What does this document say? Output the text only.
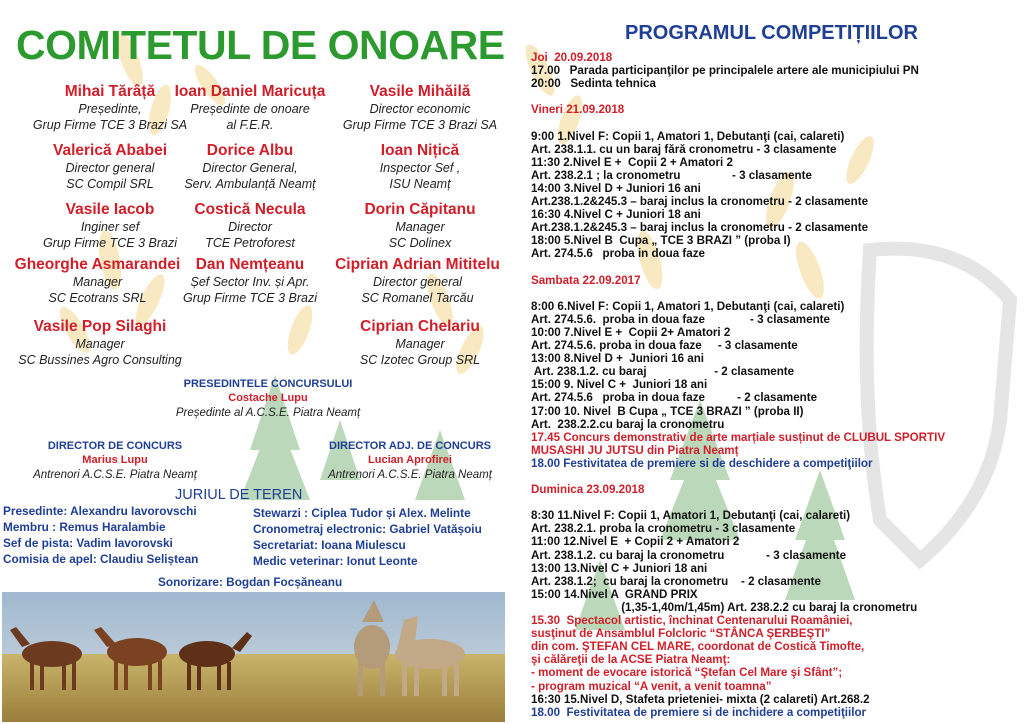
COMITETUL DE ONOARE
Mihai Tărâță
Președinte,
Grup Firme TCE 3 Brazi SA
Ioan Daniel Maricuța
Președinte de onoare
al F.E.R.
Vasile Mihăilă
Director economic
Grup Firme TCE 3 Brazi SA
Valerică Ababei
Director general
SC Compil SRL
Dorice Albu
Director General,
Serv. Ambulanță Neamț
Ioan Nițică
Inspector Sef ,
ISU Neamț
Vasile Iacob
Inginer sef
Grup Firme TCE 3 Brazi
Costică Necula
Director
TCE Petroforest
Dorin Căpitanu
Manager
SC Dolinex
Gheorghe Asmarandei
Manager
SC Ecotrans SRL
Dan Nemțeanu
Șef Sector Inv. și Apr.
Grup Firme TCE 3 Brazi
Ciprian Adrian Mititelu
Director general
SC Romanel Tarcău
Vasile Pop Silaghi
Manager
SC Bussines Agro Consulting
Ciprian Chelariu
Manager
SC Izotec Group SRL
PRESEDINTELE CONCURSULUI
Costache Lupu
Președinte al A.C.S.E. Piatra Neamț
DIRECTOR DE CONCURS
Marius Lupu
Antrenori A.C.S.E. Piatra Neamț
DIRECTOR ADJ. DE CONCURS
Lucian Aprofirei
Antrenori A.C.S.E. Piatra Neamț
JURIUL DE TEREN
Presedinte: Alexandru Iavorovschi
Membru : Remus Haralambie
Sef de pista: Vadim Iavorovski
Comisia de apel: Claudiu Seliștean
Stewarzi : Ciplea Tudor și Alex. Melinte
Cronometraj electronic: Gabriel Vatășoiu
Secretariat: Ioana Miulescu
Medic veterinar: Ionut Leonte
Sonorizare: Bogdan Focșăneanu
PROGRAMUL COMPETIȚIILOR
Joi  20.09.2018
17.00   Parada participanţilor pe principalele artere ale municipiului PN
20:00   Sedinta tehnica
Vineri 21.09.2018
9:00 1.Nivel F: Copii 1, Amatori 1, Debutanţi (cai, calareti)
Art. 238.1.1. cu un baraj fără cronometru - 3 clasamente
11:30 2.Nivel E +  Copii 2 + Amatori 2
Art. 238.2.1 ; la cronometru                - 3 clasamente
14:00 3.Nivel D + Juniori 16 ani
Art.238.1.2&245.3 – baraj inclus la cronometru - 2 clasamente
16:30 4.Nivel C + Juniori 18 ani
Art.238.1.2&245.3 – baraj inclus la cronometru - 2 clasamente
18:00 5.Nivel B  Cupa „ TCE 3 BRAZI ” (proba I)
Art. 274.5.6   proba in doua faze
Sambata 22.09.2017
8:00 6.Nivel F: Copii 1, Amatori 1, Debutanţi (cai, calareti)
Art. 274.5.6.  proba in doua faze              - 3 clasamente
10:00 7.Nivel E +  Copii 2+ Amatori 2
Art. 274.5.6. proba in doua faze     - 3 clasamente
13:00 8.Nivel D +  Juniori 16 ani
Art. 238.1.2. cu baraj                     - 2 clasamente
15:00 9. Nivel C +  Juniori 18 ani
Art. 274.5.6   proba in doua faze          - 2 clasamente
17:00 10. Nivel  B Cupa „ TCE 3 BRAZI ” (proba II)
Art.  238.2.2.cu baraj la cronometru
17.45 Concurs demonstrativ de arte marțiale susținut de CLUBUL SPORTIV
MUSASHI JU JUTSU din Piatra Neamț
18.00 Festivitatea de premiere si de deschidere a competiţiilor
Duminica 23.09.2018
8:30 11.Nivel F: Copii 1, Amatori 1, Debutanţi (cai, calareti)
Art. 238.2.1. proba la cronometru - 3 clasamente
11:00 12.Nivel E  + Copii 2 + Amatori 2
Art. 238.1.2. cu baraj la cronometru             - 3 clasamente
13:00 13.Nivel C + Juniori 18 ani
Art. 238.1.2;  cu baraj la cronometru    - 2 clasamente
15:00 14.Nivel A  GRAND PRIX
(1,35-1,40m/1,45m) Art. 238.2.2 cu baraj la cronometru
15.30  Spectacol artistic, închinat Centenarului Roamâniei,
susţinut de Ansamblul Folcloric “STÂNCA ŞERBEŞTI”
din com. ŞTEFAN CEL MARE, coordonat de Costică Timofte,
şi călăreţii de la ACSE Piatra Neamţ:
- moment de evocare istorică “Ştefan Cel Mare şi Sfânt”;
- program muzical “A venit, a venit toamna”
16:30 15.Nivel D, Stafeta prieteniei- mixta (2 calareti) Art.268.2
18.00  Festivitatea de premiere si de inchidere a competiţiilor
